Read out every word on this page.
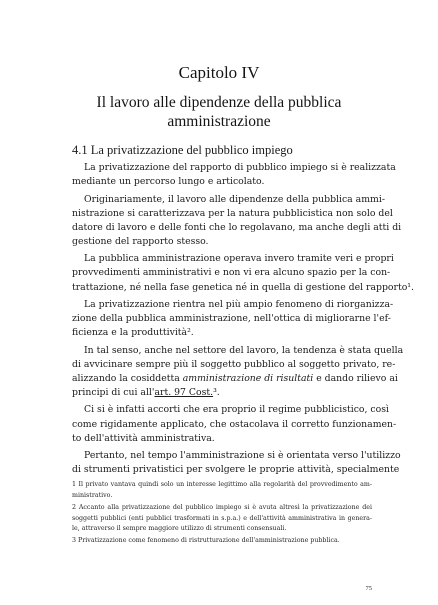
Capitolo IV
Il lavoro alle dipendenze della pubblica
amministrazione
4.1 La privatizzazione del pubblico impiego
La privatizzazione del rapporto di pubblico impiego si è realizzata
mediante un percorso lungo e articolato.
Originariamente, il lavoro alle dipendenze della pubblica ammi-
nistrazione si caratterizzava per la natura pubblicistica non solo del
datore di lavoro e delle fonti che lo regolavano, ma anche degli atti di
gestione del rapporto stesso.
La pubblica amministrazione operava invero tramite veri e propri
provvedimenti amministrativi e non vi era alcuno spazio per la con-
trattazione, né nella fase genetica né in quella di gestione del rapporto¹.
La privatizzazione rientra nel più ampio fenomeno di riorganizza-
zione della pubblica amministrazione, nell'ottica di migliorarne l'ef-
ficienza e la produttività².
In tal senso, anche nel settore del lavoro, la tendenza è stata quella
di avvicinare sempre più il soggetto pubblico al soggetto privato, re-
alizzando la cosiddetta amministrazione di risultati e dando rilievo ai
principi di cui all'art. 97 Cost.³.
Ci si è infatti accorti che era proprio il regime pubblicistico, così
come rigidamente applicato, che ostacolava il corretto funzionamen-
to dell'attività amministrativa.
Pertanto, nel tempo l'amministrazione si è orientata verso l'utilizzo
di strumenti privatistici per svolgere le proprie attività, specialmente
1 Il privato vantava quindi solo un interesse legittimo alla regolarità del provvedimento am-
ministrativo.
2 Accanto alla privatizzazione del pubblico impiego si è avuta altresì la privatizzazione dei
soggetti pubblici (enti pubblici trasformati in s.p.a.) e dell'attività amministrativa in genera-
le, attraverso il sempre maggiore utilizzo di strumenti consensuali.
3 Privatizzazione come fenomeno di ristrutturazione dell'amministrazione pubblica.
75
